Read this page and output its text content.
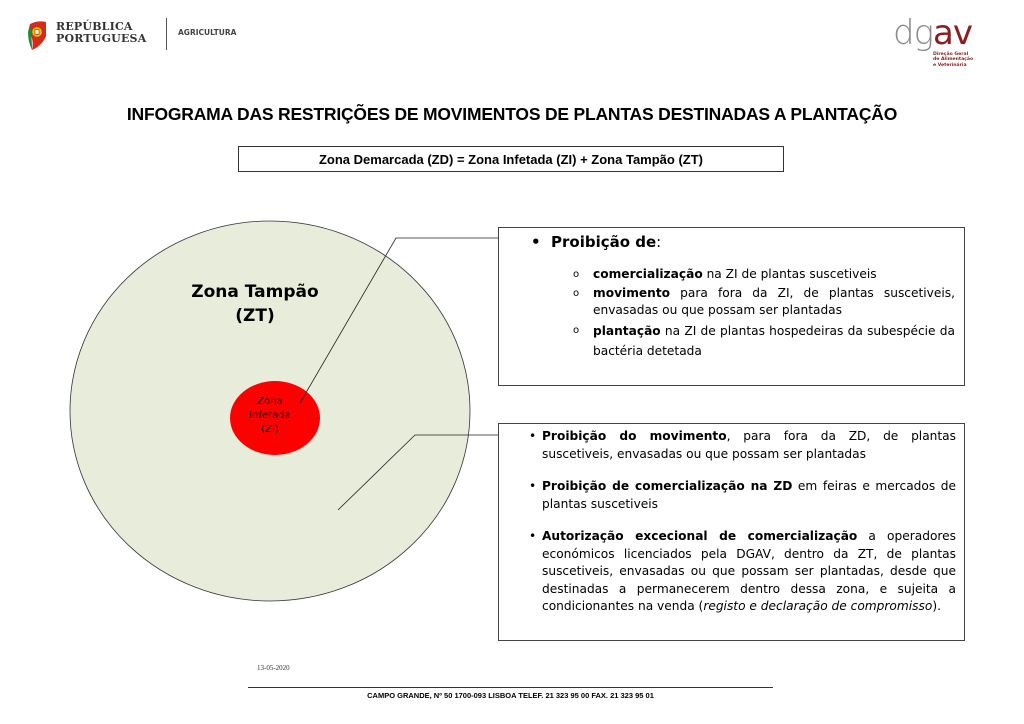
REPÚBLICA
PORTUGUESA	AGRICULTURA	dgav
Direção Geral
de Alimentação
e Veterinária
INFOGRAMA DAS RESTRIÇÕES DE MOVIMENTOS DE PLANTAS DESTINADAS A PLANTAÇÃO
Zona Demarcada (ZD) = Zona Infetada (ZI) + Zona Tampão (ZT)
Zona Tampão
(ZT)
Zona
Infetada
(ZI)
• Proibição de:
o comercialização na ZI de plantas suscetiveis
o movimento para fora da ZI, de plantas suscetiveis, envasadas ou que possam ser plantadas
o plantação na ZI de plantas hospedeiras da subespécie da bactéria detetada
• Proibição do movimento, para fora da ZD, de plantas suscetiveis, envasadas ou que possam ser plantadas
• Proibição de comercialização na ZD em feiras e mercados de plantas suscetiveis
• Autorização excecional de comercialização a operadores económicos licenciados pela DGAV, dentro da ZT, de plantas suscetiveis, envasadas ou que possam ser plantadas, desde que destinadas a permanecerem dentro dessa zona, e sujeita a condicionantes na venda (registo e declaração de compromisso).
13-05-2020
CAMPO GRANDE, Nº 50 1700-093 LISBOA TELEF. 21 323 95 00 FAX. 21 323 95 01
